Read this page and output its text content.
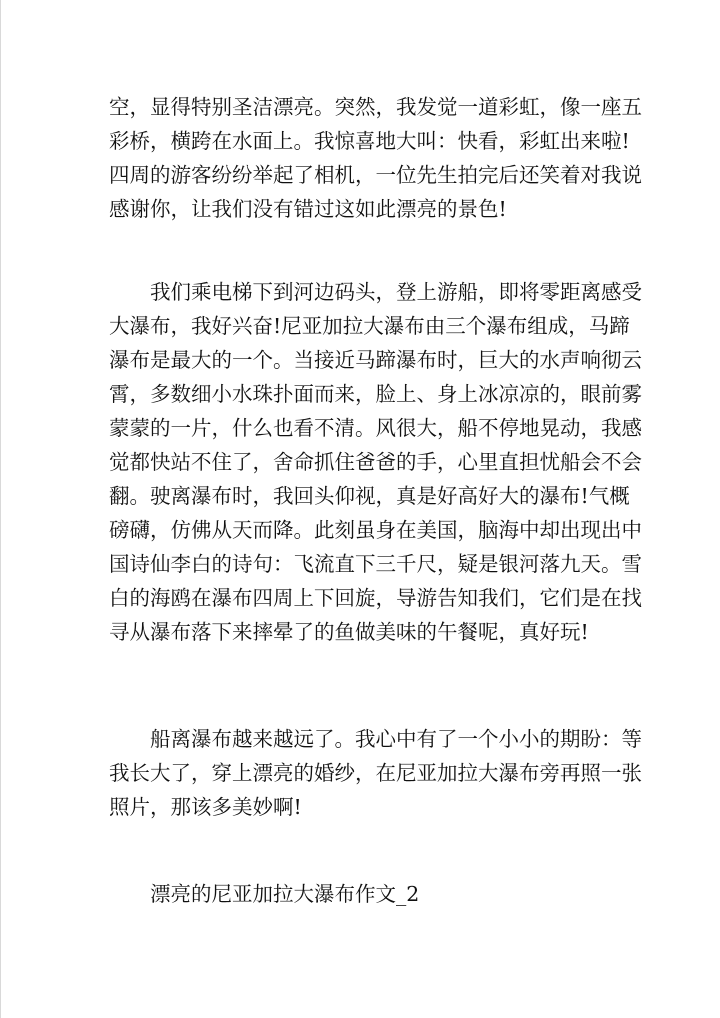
空，显得特别圣洁漂亮。突然，我发觉一道彩虹，像一座五
彩桥，横跨在水面上。我惊喜地大叫：快看，彩虹出来啦!
四周的游客纷纷举起了相机，一位先生拍完后还笑着对我说
感谢你，让我们没有错过这如此漂亮的景色!
我们乘电梯下到河边码头，登上游船，即将零距离感受
大瀑布，我好兴奋!尼亚加拉大瀑布由三个瀑布组成，马蹄
瀑布是最大的一个。当接近马蹄瀑布时，巨大的水声响彻云
霄，多数细小水珠扑面而来，脸上、身上冰凉凉的，眼前雾
蒙蒙的一片，什么也看不清。风很大，船不停地晃动，我感
觉都快站不住了，舍命抓住爸爸的手，心里直担忧船会不会
翻。驶离瀑布时，我回头仰视，真是好高好大的瀑布!气概
磅礴，仿佛从天而降。此刻虽身在美国，脑海中却出现出中
国诗仙李白的诗句：飞流直下三千尺，疑是银河落九天。雪
白的海鸥在瀑布四周上下回旋，导游告知我们，它们是在找
寻从瀑布落下来摔晕了的鱼做美味的午餐呢，真好玩!
船离瀑布越来越远了。我心中有了一个小小的期盼：等
我长大了，穿上漂亮的婚纱，在尼亚加拉大瀑布旁再照一张
照片，那该多美妙啊!
漂亮的尼亚加拉大瀑布作文_2
